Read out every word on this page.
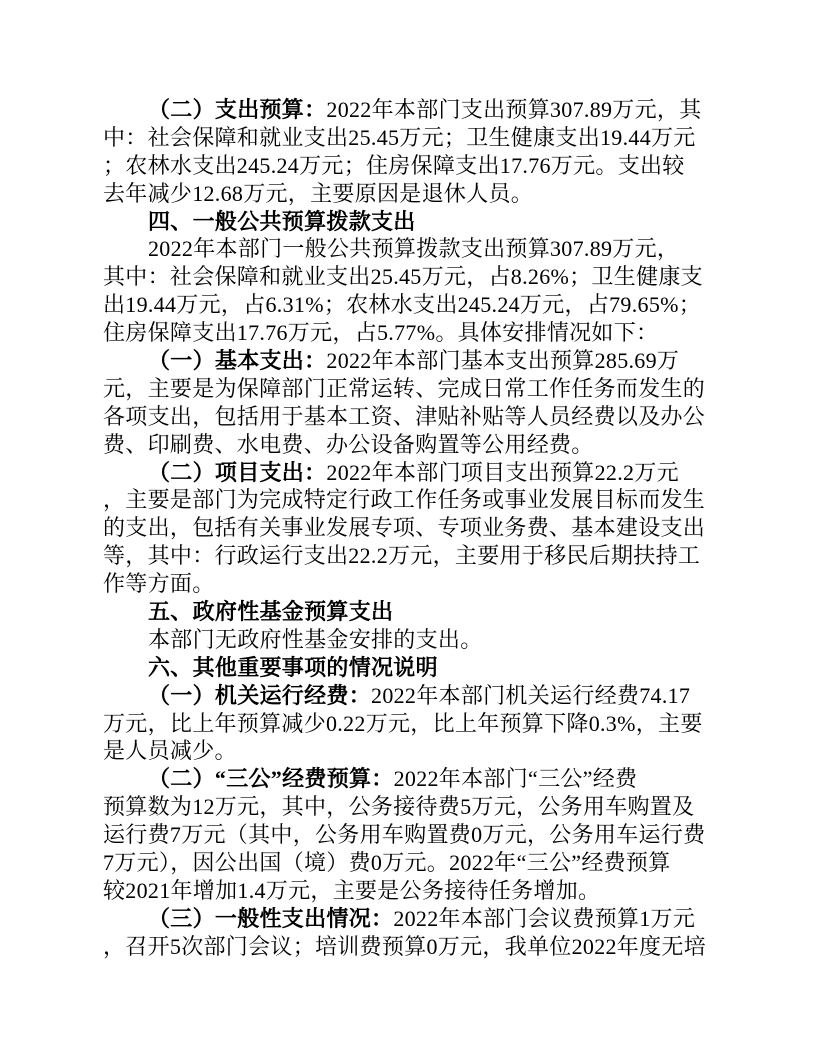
（二）支出预算：2022年本部门支出预算307.89万元，其
中：社会保障和就业支出25.45万元；卫生健康支出19.44万元
；农林水支出245.24万元；住房保障支出17.76万元。支出较
去年减少12.68万元，主要原因是退休人员。
四、一般公共预算拨款支出
2022年本部门一般公共预算拨款支出预算307.89万元，
其中：社会保障和就业支出25.45万元，占8.26%；卫生健康支
出19.44万元，占6.31%；农林水支出245.24万元，占79.65%；
住房保障支出17.76万元，占5.77%。具体安排情况如下：
（一）基本支出：2022年本部门基本支出预算285.69万
元，主要是为保障部门正常运转、完成日常工作任务而发生的
各项支出，包括用于基本工资、津贴补贴等人员经费以及办公
费、印刷费、水电费、办公设备购置等公用经费。
（二）项目支出：2022年本部门项目支出预算22.2万元
，主要是部门为完成特定行政工作任务或事业发展目标而发生
的支出，包括有关事业发展专项、专项业务费、基本建设支出
等，其中：行政运行支出22.2万元，主要用于移民后期扶持工
作等方面。
五、政府性基金预算支出
本部门无政府性基金安排的支出。
六、其他重要事项的情况说明
（一）机关运行经费：2022年本部门机关运行经费74.17
万元，比上年预算减少0.22万元，比上年预算下降0.3%，主要
是人员减少。
（二）“三公”经费预算：2022年本部门“三公”经费
预算数为12万元，其中，公务接待费5万元，公务用车购置及
运行费7万元（其中，公务用车购置费0万元，公务用车运行费
7万元），因公出国（境）费0万元。2022年“三公”经费预算
较2021年增加1.4万元，主要是公务接待任务增加。
（三）一般性支出情况：2022年本部门会议费预算1万元
，召开5次部门会议；培训费预算0万元，我单位2022年度无培
